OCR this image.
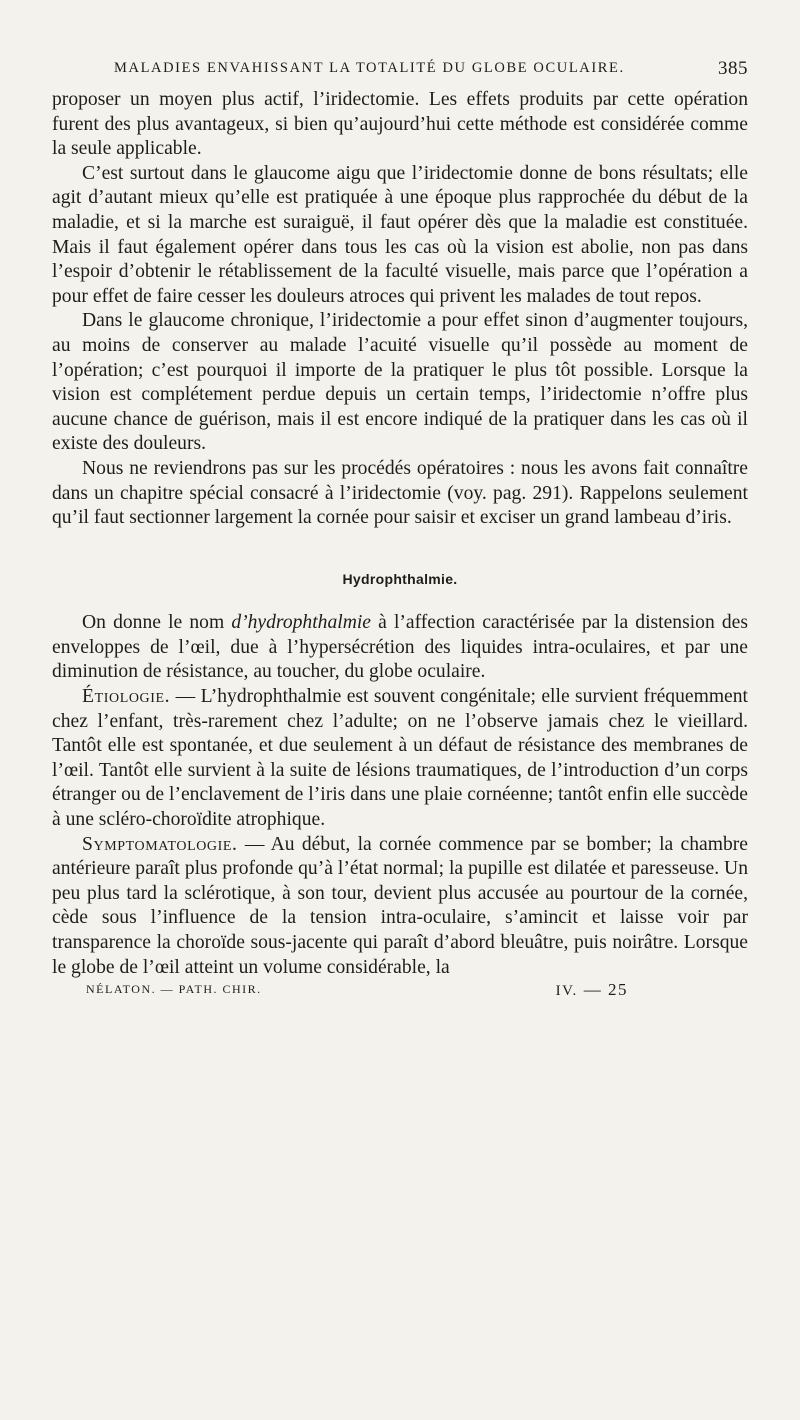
MALADIES ENVAHISSANT LA TOTALITÉ DU GLOBE OCULAIRE.	385

proposer un moyen plus actif, l’iridectomie. Les effets produits par cette opération furent des plus avantageux, si bien qu’aujourd’hui cette méthode est considérée comme la seule applicable.

C’est surtout dans le glaucome aigu que l’iridectomie donne de bons résultats; elle agit d’autant mieux qu’elle est pratiquée à une époque plus rapprochée du début de la maladie, et si la marche est suraiguë, il faut opérer dès que la maladie est constituée. Mais il faut également opérer dans tous les cas où la vision est abolie, non pas dans l’espoir d’obtenir le rétablissement de la faculté visuelle, mais parce que l’opération a pour effet de faire cesser les douleurs atroces qui privent les malades de tout repos.

Dans le glaucome chronique, l’iridectomie a pour effet sinon d’augmenter toujours, au moins de conserver au malade l’acuité visuelle qu’il possède au moment de l’opération; c’est pourquoi il importe de la pratiquer le plus tôt possible. Lorsque la vision est complétement perdue depuis un certain temps, l’iridectomie n’offre plus aucune chance de guérison, mais il est encore indiqué de la pratiquer dans les cas où il existe des douleurs.

Nous ne reviendrons pas sur les procédés opératoires : nous les avons fait connaître dans un chapitre spécial consacré à l’iridectomie (voy. pag. 291). Rappelons seulement qu’il faut sectionner largement la cornée pour saisir et exciser un grand lambeau d’iris.

Hydrophthalmie.

On donne le nom d’hydrophthalmie à l’affection caractérisée par la distension des enveloppes de l’œil, due à l’hypersécrétion des liquides intra-oculaires, et par une diminution de résistance, au toucher, du globe oculaire.

Étiologie. — L’hydrophthalmie est souvent congénitale; elle survient fréquemment chez l’enfant, très-rarement chez l’adulte; on ne l’observe jamais chez le vieillard. Tantôt elle est spontanée, et due seulement à un défaut de résistance des membranes de l’œil. Tantôt elle survient à la suite de lésions traumatiques, de l’introduction d’un corps étranger ou de l’enclavement de l’iris dans une plaie cornéenne; tantôt enfin elle succède à une scléro-choroïdite atrophique.

Symptomatologie. — Au début, la cornée commence par se bomber; la chambre antérieure paraît plus profonde qu’à l’état normal; la pupille est dilatée et paresseuse. Un peu plus tard la sclérotique, à son tour, devient plus accusée au pourtour de la cornée, cède sous l’influence de la tension intra-oculaire, s’amincit et laisse voir par transparence la choroïde sous-jacente qui paraît d’abord bleuâtre, puis noirâtre. Lorsque le globe de l’œil atteint un volume considérable, la

NÉLATON. — PATH. CHIR.	IV. — 25
